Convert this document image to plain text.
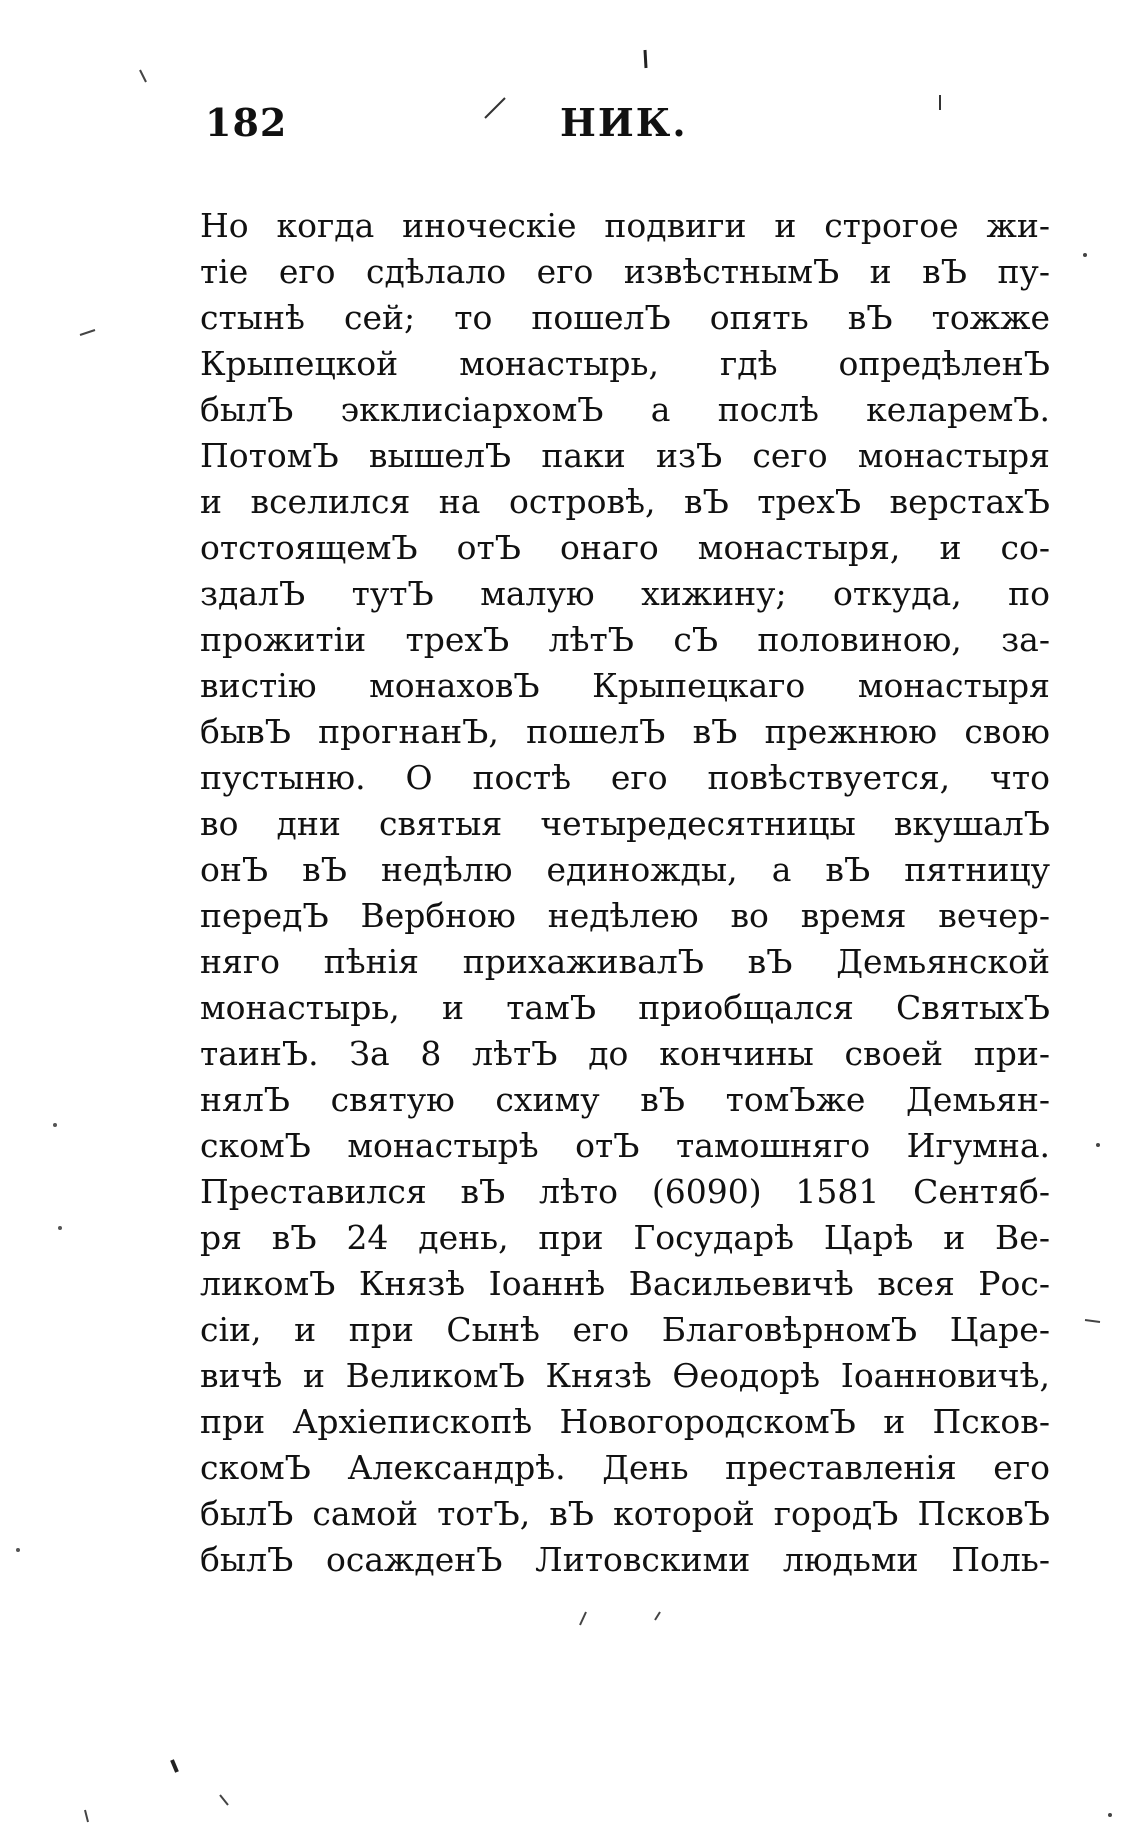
182	НИК.
Но когда иноческіе подвиги и строгое жи-
тіе его сдѣлало его извѣстнымЪ и вЪ пу-
стынѣ сей; то пошелЪ опять вЪ тожже
Крыпецкой монастырь, гдѣ опредѣленЪ
былЪ экклисіархомЪ а послѣ келаремЪ.
ПотомЪ вышелЪ паки изЪ сего монастыря
и вселился на островѣ, вЪ трехЪ верстахЪ
отстоящемЪ отЪ онаго монастыря, и со-
здалЪ тутЪ малую хижину; откуда, по
прожитіи трехЪ лѣтЪ сЪ половиною, за-
вистію монаховЪ Крыпецкаго монастыря
бывЪ прогнанЪ, пошелЪ вЪ прежнюю свою
пустыню. О постѣ его повѣствуется, что
во дни святыя четыредесятницы вкушалЪ
онЪ вЪ недѣлю единожды, а вЪ пятницу
передЪ Вербною недѣлею во время вечер-
няго пѣнія прихаживалЪ вЪ Демьянской
монастырь, и тамЪ приобщался СвятыхЪ
таинЪ. За 8 лѣтЪ до кончины своей при-
нялЪ святую схиму вЪ томЪже Демьян-
скомЪ монастырѣ отЪ тамошняго Игумна.
Преставился вЪ лѣто (6090) 1581 Сентяб-
ря вЪ 24 день, при Государѣ Царѣ и Ве-
ликомЪ Князѣ Іоаннѣ Васильевичѣ всея Рос-
сіи, и при Сынѣ его БлаговѣрномЪ Царе-
вичѣ и ВеликомЪ Князѣ Ѳеодорѣ Іоанновичѣ,
при Архіепископѣ НовогородскомЪ и Псков-
скомЪ Александрѣ. День преставленія его
былЪ самой тотЪ, вЪ которой городЪ ПсковЪ
былЪ осажденЪ Литовскими людьми Поль-
